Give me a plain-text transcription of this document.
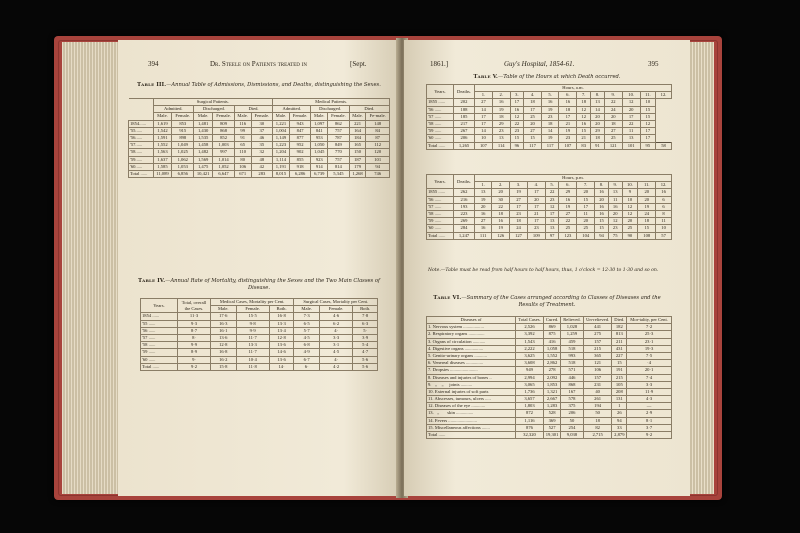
394	Dr. Steele on Patients treated in	[Sept.
Table III.—Annual Table of Admissions, Dismissions, and Deaths, distinguishing the Sexes.
	Surgical Patients.						Medical Patients.					
	Admitted.		Discharged.		Died.		Admitted.		Discharged.		Died.	
	Male.	Female.	Male.	Female.	Male.	Female.	Male.	Female.	Male.	Female.	Male.	Fe-male.
1854......	1,619	853	1,481	809	116	30	1,221	943	1,097	862	221	148
'55......	1,542	915	1,430	868	99	37	1,004	847	841	757	164	84
'56......	1,591	898	1,535	852	91	46	1,149	877	953	787	184	87
'57......	1,552	1,049	1,458	1,003	65	35	1,223	952	1,050	849	165	112
'58......	1,563	1,025	1,482	997	110	32	1,204	902	1,045	770	150	120
'59......	1,637	1,062	1,569	1,014	80	48	1,114	855	923	757	187	101
'60......	1,585	1,053	1,475	1,052	106	42	1,191	918	914	814	179	94
Total ......	11,089	6,856	10,421	6,647	671	283	8,015	6,286	6,739	5,345	1,268	746
Table IV.—Annual Rate of Mortality, distinguishing the Sexes and the Two Main Classes of Disease.
Years.	Total, overall the Cases.	Medical Cases, Mortality per Cent.			Surgical Cases, Mortality per Cent.		
		Male.	Female.	Both.	Male.	Female.	Both.
1854 ......	11·3	17·6	15·5	16·8	7·3	4·6	7·8
'55 ......	9·3	16·3	9·8	13·3	6·5	6·2	6·3
'56 ......	8·7	16·1	9·9	13·4	5·7	4·	5·
'57 ......	8·	13·6	11·7	12·8	4·5	3·3	3·9
'58 ......	9·9	12·8	13·3	13·6	6·8	3·1	5·4
'59 ......	8·9	16·8	11·7	14·6	4·9	4·5	4·7
'60 ......	9·	16·2	10·4	13·6	6·7	4·	5·6
Total ......	9·2	15·8	11·8	14·	6·	4·2	5·6
1861.]	Guy's Hospital, 1854-61.	395
Table V.—Table of the Hours at which Death occurred.
Years.	Deaths.	Hours, a.m.											
		1.	2.	3.	4.	5.	6.	7.	8.	9.	10.	11.	12.
1855 ......	202	27	16	17	18	16	16	18	13	22	12	10	
'56 ......	188	14	19	16	17	19	18	12	14	24	20	15	
'57 ......	185	17	18	12	25	23	17	12	20	20	17	15	
'58 ......	217	17	29	22	20	18	21	16	20	18	22	12	
'59 ......	267	14	23	23	27	14	19	15	29	27	11	17	
'60 ......	206	10	13	15	15	19	23	21	18	25	13	17	
Total ......	1,265	107	114	96	117	117	107	83	91	121	101	95	58
Years.	Deaths.	Hours, p.m.											
		1.	2.	3.	4.	5.	6.	7.	8.	9.	10.	11.	12.
1855 ......	262	13	20	19	17	22	29	20	16	13	9	20	16
'56 ......	216	19	30	27	20	23	16	15	20	11	10	20	6
'57 ......	193	20	22	17	17	12	19	17	16	16	12	19	6
'58 ......	223	16	18	23	21	17	27	11	16	20	12	24	8
'59 ......	269	27	16	18	17	13	22	20	15	12	20	18	11
'60 ......	284	16	19	24	23	13	25	25	15	23	25	15	10
Total ......	1,247	111	126	127	109	97	123	104	94	75	90	108	57
Note.—Table must be read from half hours to half hours, thus, 1 o'clock = 12·30 to 1·30 and so on.
Table VI.—Summary of the Cases arranged according to Classes of Diseases and the Results of Treatment.
Diseases of	Total Cases.	Cured.	Relieved.	Un-relieved.	Died.	Mor-tality, per Cent.
1. Nervous system ..................	2,526	869	1,028	441	182	7·2
2. Respiratory organs ..............	3,392	875	1,259	275	813	25·3
3. Organs of circulation ...........	1,543	416	459	157	211	23·1
4. Digestive organs ................	2,222	1,058	518	215	431	19·3
5. Genito-urinary organs ...........	3,625	1,552	993	365	227	7·5
6. Venereal diseases ...............	3,608	2,862	518	121	15	·4
7. Dropsies ........................	949	278	571	106	191	20·1
8. Diseases and injuries of bones ..	2,994	2,092	446	157	215	7·4
9.   „    „     joints ..........	3,065	1,853	868	231	105	3·3
10. External injuries of soft parts	1,736	1,321	167	40	208	11·9
11. Abscesses, tumours, ulcers .....	3,657	2,667	578	261	131	4·3
12. Diseases of the eye ............	1,803	1,283	375	194	1	—
13.   „       skin ...............	872	528	206	50	26	2·9
14. Fevers .........................	1,116	369	50	18	94	8·1
15. Miscellaneous affections .......	876	527	254	82	33	3·7
Total ......	32,320	19,301	9,038	2,715	2,879	9·2
